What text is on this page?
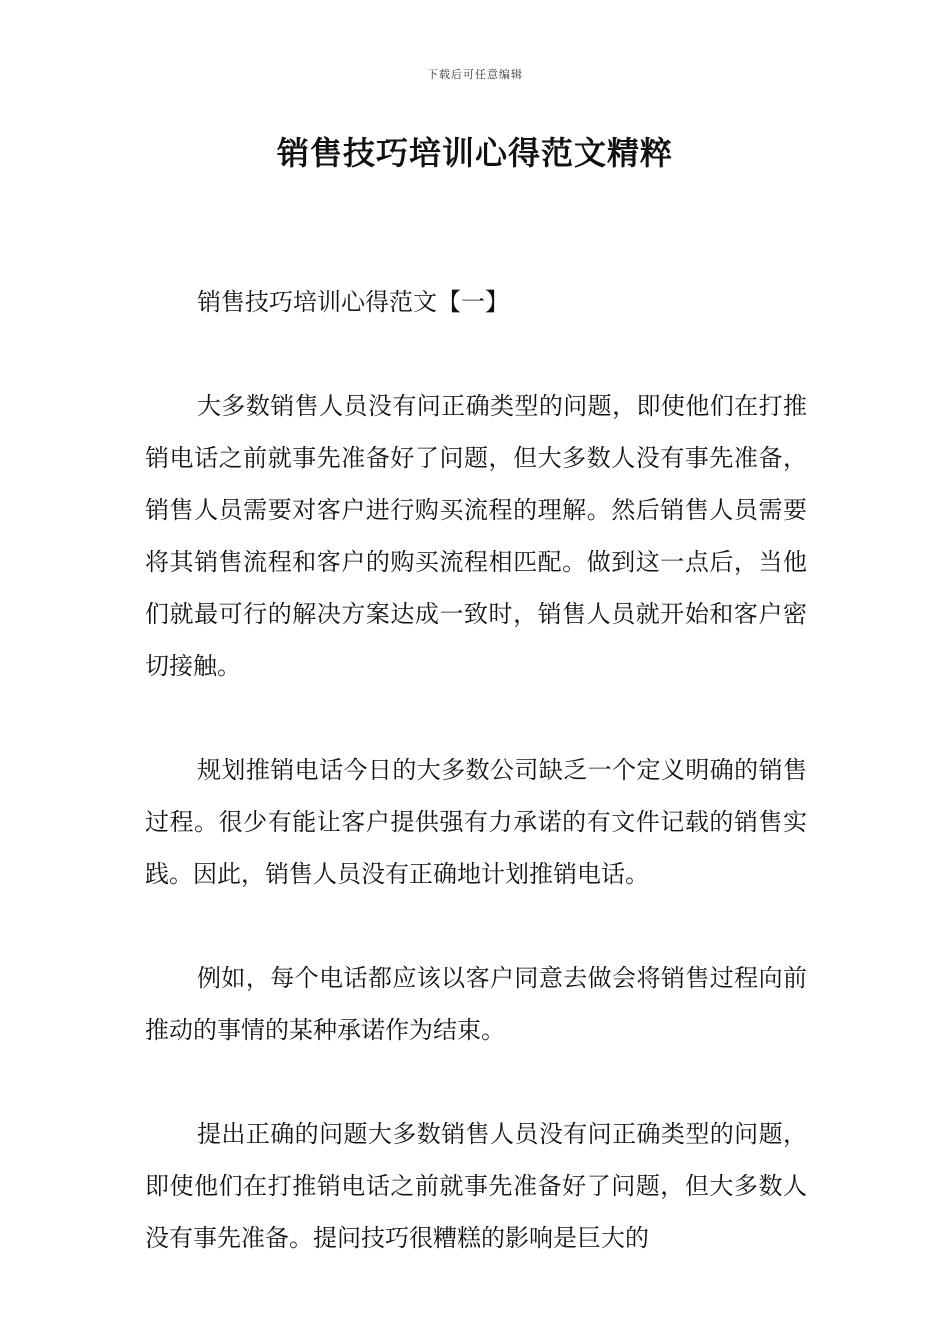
下载后可任意编辑
销售技巧培训心得范文精粹

销售技巧培训心得范文【一】

大多数销售人员没有问正确类型的问题，即使他们在打推销电话之前就事先准备好了问题，但大多数人没有事先准备，销售人员需要对客户进行购买流程的理解。然后销售人员需要将其销售流程和客户的购买流程相匹配。做到这一点后，当他们就最可行的解决方案达成一致时，销售人员就开始和客户密切接触。

规划推销电话今日的大多数公司缺乏一个定义明确的销售过程。很少有能让客户提供强有力承诺的有文件记载的销售实践。因此，销售人员没有正确地计划推销电话。

例如，每个电话都应该以客户同意去做会将销售过程向前推动的事情的某种承诺作为结束。

提出正确的问题大多数销售人员没有问正确类型的问题，即使他们在打推销电话之前就事先准备好了问题，但大多数人没有事先准备。提问技巧很糟糕的影响是巨大的
